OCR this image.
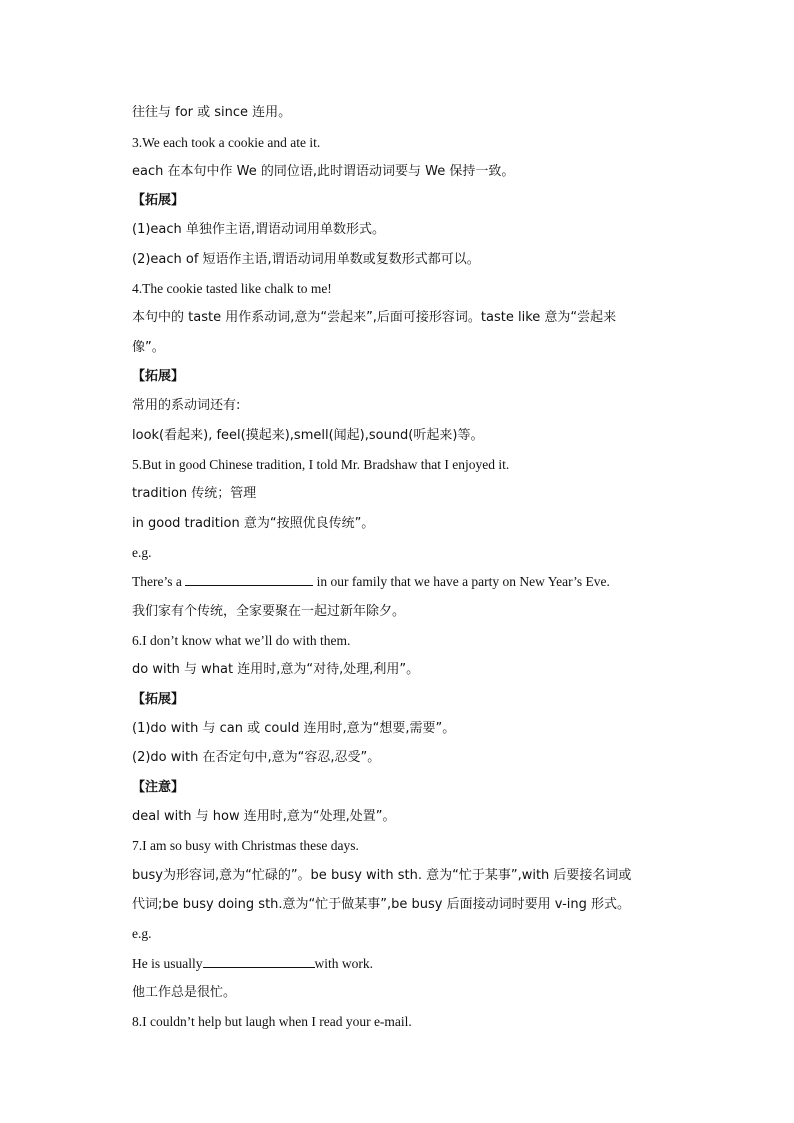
往往与 for 或 since 连用。
3.We each took a cookie and ate it.
each 在本句中作 We 的同位语,此时谓语动词要与 We 保持一致。
【拓展】
(1)each 单独作主语,谓语动词用单数形式。
(2)each of 短语作主语,谓语动词用单数或复数形式都可以。
4.The cookie tasted like chalk to me!
本句中的 taste 用作系动词,意为“尝起来”,后面可接形容词。taste like 意为“尝起来
像”。
【拓展】
常用的系动词还有:
look(看起来), feel(摸起来),smell(闻起),sound(听起来)等。
5.But in good Chinese tradition, I told Mr. Bradshaw that I enjoyed it.
tradition 传统；管理
in good tradition 意为“按照优良传统”。
e.g.
There’s a	in our family that we have a party on New Year’s Eve.
我们家有个传统，全家要聚在一起过新年除夕。
6.I don’t know what we’ll do with them.
do with 与 what 连用时,意为“对待,处理,利用”。
【拓展】
(1)do with 与 can 或 could 连用时,意为“想要,需要”。
(2)do with 在否定句中,意为“容忍,忍受”。
【注意】
deal with 与 how 连用时,意为“处理,处置”。
7.I am so busy with Christmas these days.
busy为形容词,意为“忙碌的”。be busy with sth. 意为“忙于某事”,with 后要接名词或
代词;be busy doing sth.意为“忙于做某事”,be busy 后面接动词时要用 v-ing 形式。
e.g.
He is usually	with work.
他工作总是很忙。
8.I couldn’t help but laugh when I read your e-mail.
